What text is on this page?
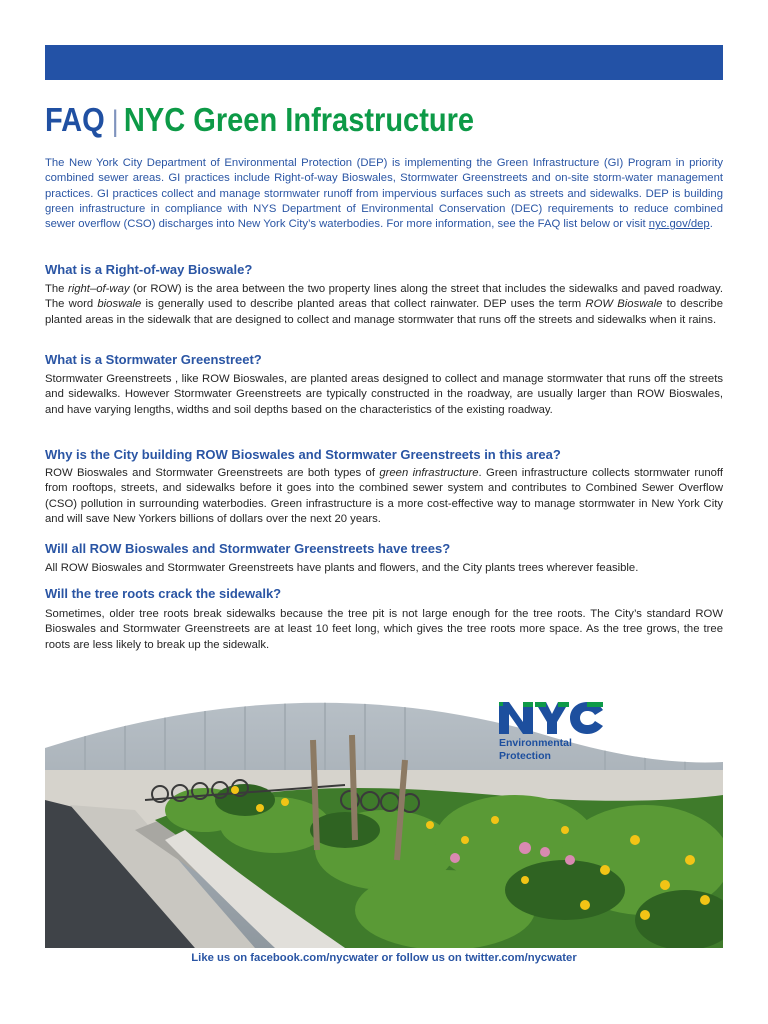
FAQ | NYC Green Infrastructure

The New York City Department of Environmental Protection (DEP) is implementing the Green Infrastructure (GI) Program in priority combined sewer areas. GI practices include Right-of-way Bioswales, Stormwater Greenstreets and on-site storm-water management practices. GI practices collect and manage stormwater runoff from impervious surfaces such as streets and sidewalks. DEP is building green infrastructure in compliance with NYS Department of Environmental Conservation (DEC) requirements to reduce combined sewer overflow (CSO) discharges into New York City’s waterbodies. For more information, see the FAQ list below or visit nyc.gov/dep.

What is a Right-of-way Bioswale?

The right–of-way (or ROW) is the area between the two property lines along the street that includes the sidewalks and paved roadway. The word bioswale is generally used to describe planted areas that collect rainwater. DEP uses the term ROW Bioswale to describe planted areas in the sidewalk that are designed to collect and manage stormwater that runs off the streets and sidewalks when it rains.

What is a Stormwater Greenstreet?

Stormwater Greenstreets , like ROW Bioswales, are planted areas designed to collect and manage stormwater that runs off the streets and sidewalks. However Stormwater Greenstreets are typically constructed in the roadway, are usually larger than ROW Bioswales, and have varying lengths, widths and soil depths based on the characteristics of the existing roadway.

Why is the City building ROW Bioswales and Stormwater Greenstreets in this area?

ROW Bioswales and Stormwater Greenstreets are both types of green infrastructure. Green infrastructure collects stormwater runoff from rooftops, streets, and sidewalks before it goes into the combined sewer system and contributes to Combined Sewer Overflow (CSO) pollution in surrounding waterbodies. Green infrastructure is a more cost-effective way to manage stormwater in New York City and will save New Yorkers billions of dollars over the next 20 years.

Will all ROW Bioswales and Stormwater Greenstreets have trees?

All ROW Bioswales and Stormwater Greenstreets have plants and flowers, and the City plants trees wherever feasible.

Will the tree roots crack the sidewalk?

Sometimes, older tree roots break sidewalks because the tree pit is not large enough for the tree roots. The City’s standard ROW Bioswales and Stormwater Greenstreets are at least 10 feet long, which gives the tree roots more space. As the tree grows, the tree roots are less likely to break up the sidewalk.

Environmental
Protection

Like us on facebook.com/nycwater or follow us on twitter.com/nycwater
